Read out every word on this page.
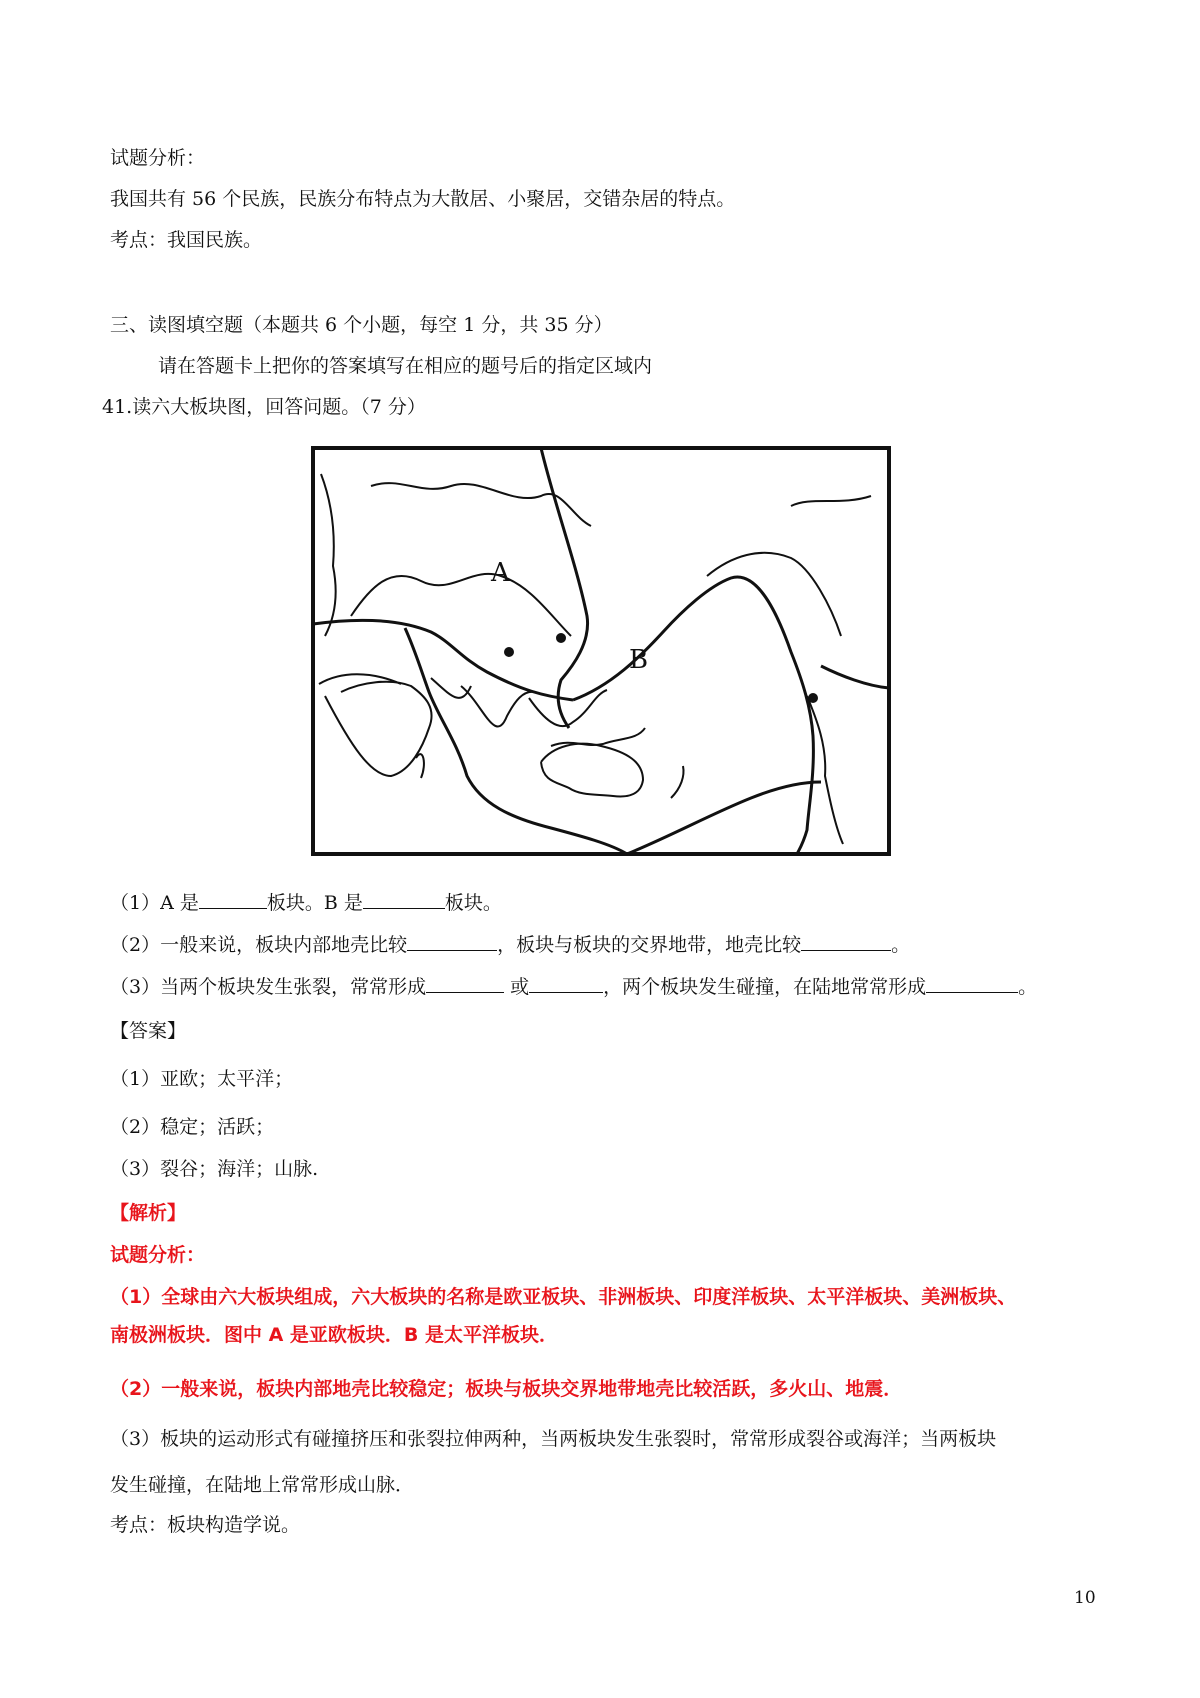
试题分析：
我国共有 56 个民族，民族分布特点为大散居、小聚居，交错杂居的特点。
考点：我国民族。
三、读图填空题（本题共 6 个小题，每空 1 分，共 35 分）
请在答题卡上把你的答案填写在相应的题号后的指定区域内
41.读六大板块图，回答问题。（7 分）
A
B
（1）A 是	板块。B 是	板块。
（2）一般来说，板块内部地壳比较	，板块与板块的交界地带，地壳比较	。
（3）当两个板块发生张裂，常常形成	或	，两个板块发生碰撞，在陆地常常形成	。
【答案】
（1）亚欧；太平洋；
（2）稳定；活跃；
（3）裂谷；海洋；山脉.
【解析】
试题分析：
（1）全球由六大板块组成，六大板块的名称是欧亚板块、非洲板块、印度洋板块、太平洋板块、美洲板块、
南极洲板块．图中 A 是亚欧板块．B 是太平洋板块．
（2）一般来说，板块内部地壳比较稳定；板块与板块交界地带地壳比较活跃，多火山、地震．
（3）板块的运动形式有碰撞挤压和张裂拉伸两种，当两板块发生张裂时，常常形成裂谷或海洋；当两板块
发生碰撞，在陆地上常常形成山脉．
考点：板块构造学说。
10
